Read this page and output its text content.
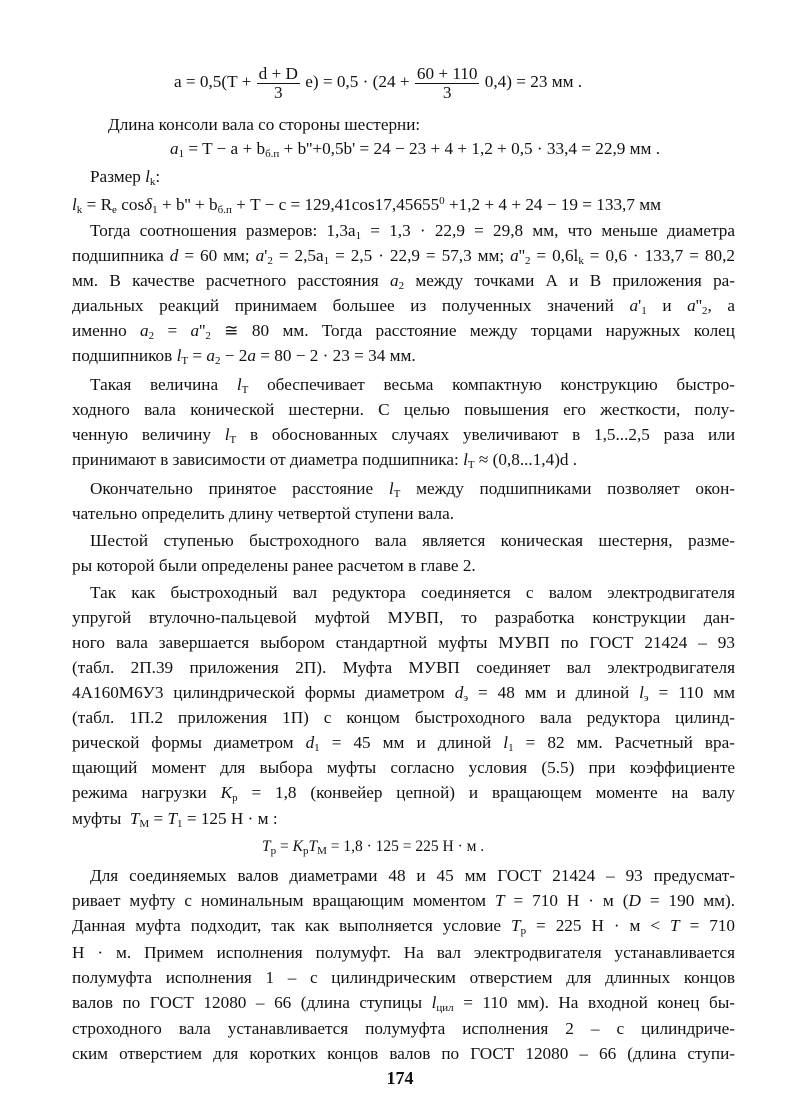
$a = 0,5(T + \frac{d + D}{3} e) = 0,5 \cdot (24 + \frac{60 + 110}{3} 0,4) = 23$ мм .
Длина консоли вала со стороны шестерни:
$a_1 = T - a + b_{б.п} + b''+0,5b' = 24 - 23 + 4 + 1,2 + 0,5 \cdot 33,4 = 22,9$ мм .
Размер $l_k$:
$l_k = R_e$ $\cos\delta_1 + b'' + b_{б.п} + T - c = 129,41\cos 17,45655^0 +1,2 + 4 + 24 - 19 = 133,7$ мм
Тогда соотношения размеров: $1,3a_1 = 1,3 \cdot 22,9 = 29,8$ мм, что меньше диаметра
подшипника d = 60 мм; $a'_2 = 2,5a_1 = 2,5 \cdot 22,9 = 57,3$ мм; $a''_2 = 0,6l_k = 0,6 \cdot 133,7 = 80,2$
мм. В качестве расчетного расстояния $a_2$ между точками А и В приложения ра-
диальных реакций принимаем большее из полученных значений $a'_1$ и $a''_2$, а
именно $a_2 = a''_2$ ≅ 80 мм. Тогда расстояние между торцами наружных колец
подшипников $l_T = a_2 - 2a = 80 - 2 \cdot 23 = 34$ мм.
Такая величина $l_T$ обеспечивает весьма компактную конструкцию быстро-
ходного вала конической шестерни. С целью повышения его жесткости, полу-
ченную величину $l_T$ в обоснованных случаях увеличивают в 1,5...2,5 раза или
принимают в зависимости от диаметра подшипника: $l_T \approx (0,8...1,4)d$ .
Окончательно принятое расстояние $l_T$ между подшипниками позволяет окон-
чательно определить длину четвертой ступени вала.
Шестой ступенью быстроходного вала является коническая шестерня, разме-
ры которой были определены ранее расчетом в главе 2.
Так как быстроходный вал редуктора соединяется с валом электродвигателя
упругой втулочно-пальцевой муфтой МУВП, то разработка конструкции дан-
ного вала завершается выбором стандартной муфты МУВП по ГОСТ 21424 – 93
(табл. 2П.39 приложения 2П). Муфта МУВП соединяет вал электродвигателя
4А160М6У3 цилиндрической формы диаметром $d_э = 48$ мм и длиной $l_э = 110$ мм
(табл. 1П.2 приложения 1П) с концом быстроходного вала редуктора цилинд-
рической формы диаметром $d_1 = 45$ мм и длиной $l_1 = 82$ мм. Расчетный вра-
щающий момент для выбора муфты согласно условия (5.5) при коэффициенте
режима нагрузки $K_p = 1,8$ (конвейер цепной) и вращающем моменте на валу
муфты $T_M = T_1 = 125$ Н · м :
$T_p = K_pT_M = 1,8 \cdot 125 = 225$ Н · м .
Для соединяемых валов диаметрами 48 и 45 мм ГОСТ 21424 – 93 предусмат-
ривает муфту с номинальным вращающим моментом T = 710 Н · м (D = 190 мм).
Данная муфта подходит, так как выполняется условие $T_p = 225$ Н · м < T = 710
Н · м. Примем исполнения полумуфт. На вал электродвигателя устанавливается
полумуфта исполнения 1 – с цилиндрическим отверстием для длинных концов
валов по ГОСТ 12080 – 66 (длина ступицы $l_{цил} = 110$ мм). На входной конец бы-
строходного вала устанавливается полумуфта исполнения 2 – с цилиндриче-
ским отверстием для коротких концов валов по ГОСТ 12080 – 66 (длина ступи-
174
